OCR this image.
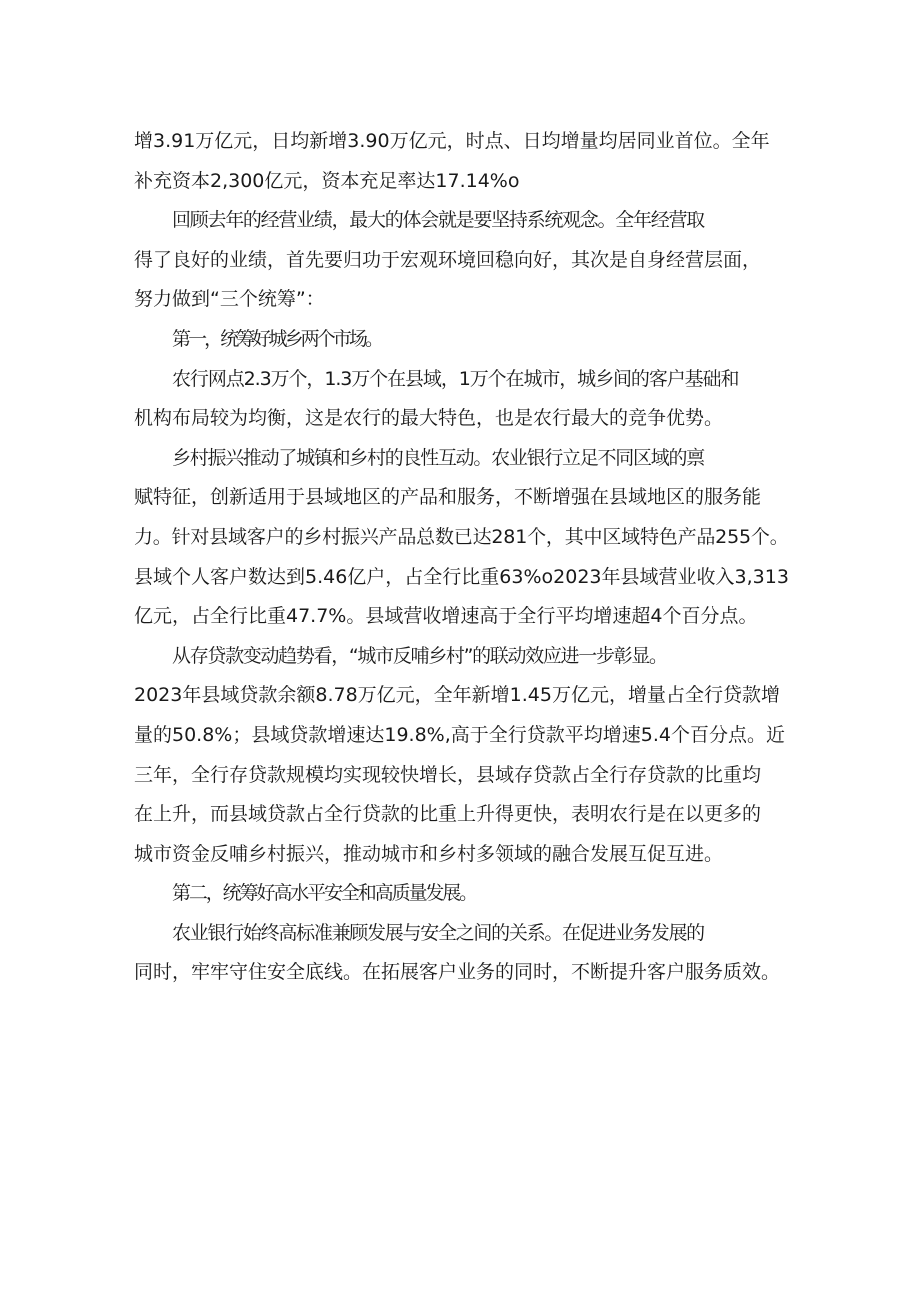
增3.91万亿元，日均新增3.90万亿元，时点、日均增量均居同业首位。全年
补充资本2,300亿元，资本充足率达17.14%o

回顾去年的经营业绩，最大的体会就是要坚持系统观念。全年经营取
得了良好的业绩，首先要归功于宏观环境回稳向好，其次是自身经营层面，
努力做到“三个统筹”：

第一，统筹好城乡两个市场。

农行网点2.3万个，1.3万个在县域，1万个在城市，城乡间的客户基础和
机构布局较为均衡，这是农行的最大特色，也是农行最大的竞争优势。

乡村振兴推动了城镇和乡村的良性互动。农业银行立足不同区域的禀
赋特征，创新适用于县域地区的产品和服务，不断增强在县域地区的服务能
力。针对县域客户的乡村振兴产品总数已达281个，其中区域特色产品255个。
县域个人客户数达到5.46亿户，占全行比重63%o2023年县域营业收入3,313
亿元，占全行比重47.7%。县域营收增速高于全行平均增速超4个百分点。

从存贷款变动趋势看，“城市反哺乡村”的联动效应进一步彰显。

2023年县域贷款余额8.78万亿元，全年新增1.45万亿元，增量占全行贷款增
量的50.8%；县域贷款增速达19.8%,高于全行贷款平均增速5.4个百分点。近
三年，全行存贷款规模均实现较快增长，县域存贷款占全行存贷款的比重均
在上升，而县域贷款占全行贷款的比重上升得更快，表明农行是在以更多的
城市资金反哺乡村振兴，推动城市和乡村多领域的融合发展互促互进。

第二，统筹好高水平安全和高质量发展。

农业银行始终高标准兼顾发展与安全之间的关系。在促进业务发展的
同时，牢牢守住安全底线。在拓展客户业务的同时，不断提升客户服务质效。
